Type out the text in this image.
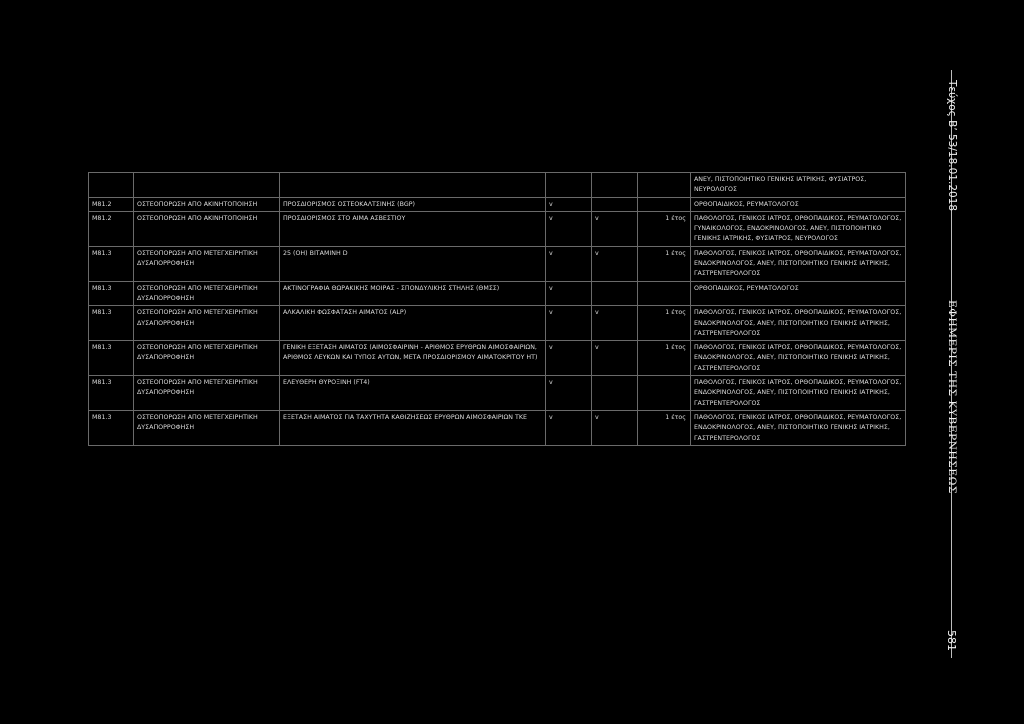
						ΑΝΕΥ, ΠΙΣΤΟΠΟΙΗΤΙΚΟ ΓΕΝΙΚΗΣ ΙΑΤΡΙΚΗΣ, ΦΥΣΙΑΤΡΟΣ, ΝΕΥΡΟΛΟΓΟΣ
M81.2	ΟΣΤΕΟΠΟΡΩΣΗ ΑΠΟ ΑΚΙΝΗΤΟΠΟΙΗΣΗ	ΠΡΟΣΔΙΟΡΙΣΜΟΣ ΟΣΤΕΟΚΑΛΤΣΙΝΗΣ (BGP)	v			ΟΡΘΟΠΑΙΔΙΚΟΣ, ΡΕΥΜΑΤΟΛΟΓΟΣ
M81.2	ΟΣΤΕΟΠΟΡΩΣΗ ΑΠΟ ΑΚΙΝΗΤΟΠΟΙΗΣΗ	ΠΡΟΣΔΙΟΡΙΣΜΟΣ ΣΤΟ ΑΙΜΑ ΑΣΒΕΣΤΙΟΥ	v	v	1 έτος	ΠΑΘΟΛΟΓΟΣ, ΓΕΝΙΚΟΣ ΙΑΤΡΟΣ, ΟΡΘΟΠΑΙΔΙΚΟΣ, ΡΕΥΜΑΤΟΛΟΓΟΣ, ΓΥΝΑΙΚΟΛΟΓΟΣ, ΕΝΔΟΚΡΙΝΟΛΟΓΟΣ, ΑΝΕΥ, ΠΙΣΤΟΠΟΙΗΤΙΚΟ ΓΕΝΙΚΗΣ ΙΑΤΡΙΚΗΣ, ΦΥΣΙΑΤΡΟΣ, ΝΕΥΡΟΛΟΓΟΣ
M81.3	ΟΣΤΕΟΠΟΡΩΣΗ ΑΠΟ ΜΕΤΕΓΧΕΙΡΗΤΙΚΗ ΔΥΣΑΠΟΡΡΟΦΗΣΗ	25 (OH) ΒΙΤΑΜΙΝΗ D	v	v	1 έτος	ΠΑΘΟΛΟΓΟΣ, ΓΕΝΙΚΟΣ ΙΑΤΡΟΣ, ΟΡΘΟΠΑΙΔΙΚΟΣ, ΡΕΥΜΑΤΟΛΟΓΟΣ, ΕΝΔΟΚΡΙΝΟΛΟΓΟΣ, ΑΝΕΥ, ΠΙΣΤΟΠΟΙΗΤΙΚΟ ΓΕΝΙΚΗΣ ΙΑΤΡΙΚΗΣ, ΓΑΣΤΡΕΝΤΕΡΟΛΟΓΟΣ
M81.3	ΟΣΤΕΟΠΟΡΩΣΗ ΑΠΟ ΜΕΤΕΓΧΕΙΡΗΤΙΚΗ ΔΥΣΑΠΟΡΡΟΦΗΣΗ	ΑΚΤΙΝΟΓΡΑΦΙΑ ΘΩΡΑΚΙΚΗΣ ΜΟΙΡΑΣ - ΣΠΟΝΔΥΛΙΚΗΣ ΣΤΗΛΗΣ (ΘΜΣΣ)	v			ΟΡΘΟΠΑΙΔΙΚΟΣ, ΡΕΥΜΑΤΟΛΟΓΟΣ
M81.3	ΟΣΤΕΟΠΟΡΩΣΗ ΑΠΟ ΜΕΤΕΓΧΕΙΡΗΤΙΚΗ ΔΥΣΑΠΟΡΡΟΦΗΣΗ	ΑΛΚΑΛΙΚΗ ΦΩΣΦΑΤΑΣΗ ΑΙΜΑΤΟΣ (ALP)	v	v	1 έτος	ΠΑΘΟΛΟΓΟΣ, ΓΕΝΙΚΟΣ ΙΑΤΡΟΣ, ΟΡΘΟΠΑΙΔΙΚΟΣ, ΡΕΥΜΑΤΟΛΟΓΟΣ, ΕΝΔΟΚΡΙΝΟΛΟΓΟΣ, ΑΝΕΥ, ΠΙΣΤΟΠΟΙΗΤΙΚΟ ΓΕΝΙΚΗΣ ΙΑΤΡΙΚΗΣ, ΓΑΣΤΡΕΝΤΕΡΟΛΟΓΟΣ
M81.3	ΟΣΤΕΟΠΟΡΩΣΗ ΑΠΟ ΜΕΤΕΓΧΕΙΡΗΤΙΚΗ ΔΥΣΑΠΟΡΡΟΦΗΣΗ	ΓΕΝΙΚΗ ΕΞΕΤΑΣΗ ΑΙΜΑΤΟΣ (ΑΙΜΟΣΦΑΙΡΙΝΗ - ΑΡΙΘΜΟΣ ΕΡΥΘΡΩΝ ΑΙΜΟΣΦΑΙΡΙΩΝ, ΑΡΙΘΜΟΣ ΛΕΥΚΩΝ ΚΑΙ ΤΥΠΟΣ ΑΥΤΩΝ, ΜΕΤΑ ΠΡΟΣΔΙΟΡΙΣΜΟΥ ΑΙΜΑΤΟΚΡΙΤΟΥ ΗΤ)	v	v	1 έτος	ΠΑΘΟΛΟΓΟΣ, ΓΕΝΙΚΟΣ ΙΑΤΡΟΣ, ΟΡΘΟΠΑΙΔΙΚΟΣ, ΡΕΥΜΑΤΟΛΟΓΟΣ, ΕΝΔΟΚΡΙΝΟΛΟΓΟΣ, ΑΝΕΥ, ΠΙΣΤΟΠΟΙΗΤΙΚΟ ΓΕΝΙΚΗΣ ΙΑΤΡΙΚΗΣ, ΓΑΣΤΡΕΝΤΕΡΟΛΟΓΟΣ
M81.3	ΟΣΤΕΟΠΟΡΩΣΗ ΑΠΟ ΜΕΤΕΓΧΕΙΡΗΤΙΚΗ ΔΥΣΑΠΟΡΡΟΦΗΣΗ	ΕΛΕΥΘΕΡΗ ΘΥΡΟΞΙΝΗ (FT4)	v			ΠΑΘΟΛΟΓΟΣ, ΓΕΝΙΚΟΣ ΙΑΤΡΟΣ, ΟΡΘΟΠΑΙΔΙΚΟΣ, ΡΕΥΜΑΤΟΛΟΓΟΣ, ΕΝΔΟΚΡΙΝΟΛΟΓΟΣ, ΑΝΕΥ, ΠΙΣΤΟΠΟΙΗΤΙΚΟ ΓΕΝΙΚΗΣ ΙΑΤΡΙΚΗΣ, ΓΑΣΤΡΕΝΤΕΡΟΛΟΓΟΣ
M81.3	ΟΣΤΕΟΠΟΡΩΣΗ ΑΠΟ ΜΕΤΕΓΧΕΙΡΗΤΙΚΗ ΔΥΣΑΠΟΡΡΟΦΗΣΗ	ΕΞΕΤΑΣΗ ΑΙΜΑΤΟΣ ΓΙΑ ΤΑΧΥΤΗΤΑ ΚΑΘΙΖΗΣΕΩΣ ΕΡΥΘΡΩΝ ΑΙΜΟΣΦΑΙΡΙΩΝ ΤΚΕ	v	v	1 έτος	ΠΑΘΟΛΟΓΟΣ, ΓΕΝΙΚΟΣ ΙΑΤΡΟΣ, ΟΡΘΟΠΑΙΔΙΚΟΣ, ΡΕΥΜΑΤΟΛΟΓΟΣ, ΕΝΔΟΚΡΙΝΟΛΟΓΟΣ, ΑΝΕΥ, ΠΙΣΤΟΠΟΙΗΤΙΚΟ ΓΕΝΙΚΗΣ ΙΑΤΡΙΚΗΣ, ΓΑΣΤΡΕΝΤΕΡΟΛΟΓΟΣ
Τεύχος Β’ 53/18.01.2018
ΕΦΗΜΕΡΙΣ ΤΗΣ ΚΥΒΕΡΝΗΣΕΩΣ
581
